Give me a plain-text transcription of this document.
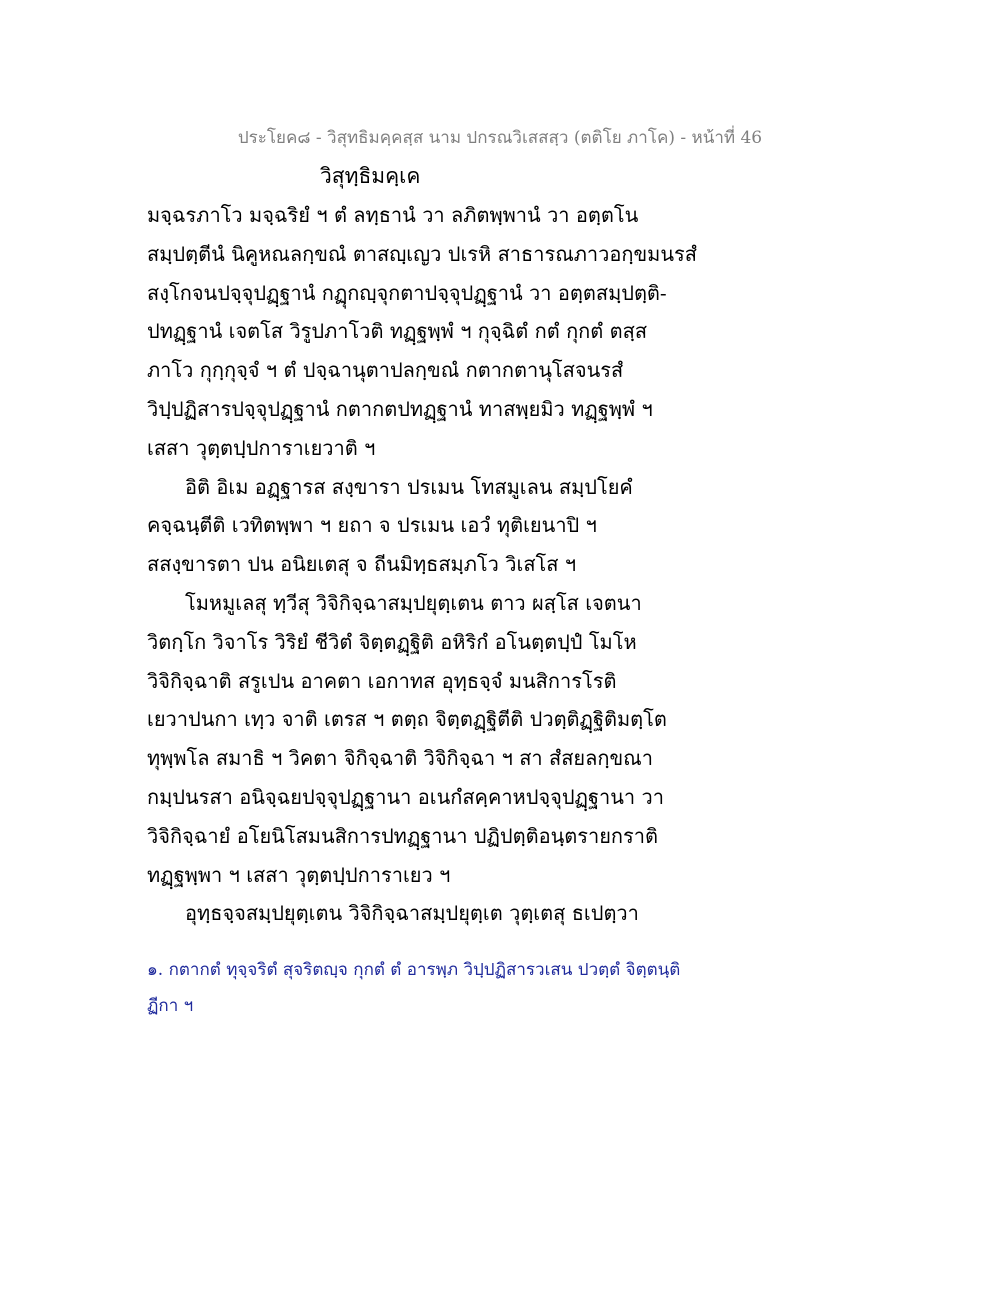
ประโยค๘ - วิสุทธิมคฺคสฺส นาม ปกรณวิเสสสฺว (ตติโย ภาโค) - หน้าที่ 46
วิสุทฺธิมคฺเค
มจฺฉรภาโว มจฺฉริยํ ฯ ตํ ลทฺธานํ วา ลภิตพฺพานํ วา อตฺตโน
สมฺปตฺตีนํ นิคูหณลกฺขณํ ตาสญฺเญว ปเรหิ สาธารณภาวอกฺขมนรสํ
สงฺโกจนปจฺจุปฏฺฐานํ กฏุกญฺจุกตาปจฺจุปฏฺฐานํ วา อตฺตสมฺปตฺติ-
ปทฏฺฐานํ เจตโส วิรูปภาโวติ ทฏฺฐพฺพํ ฯ กุจฺฉิตํ กตํ กุกตํ ตสฺส
ภาโว กุกฺกุจฺจํ ฯ ตํ ปจฺฉานุตาปลกฺขณํ กตากตานุโสจนรสํ
วิปฺปฏิสารปจฺจุปฏฺฐานํ กตากตปทฏฺฐานํ ทาสพฺยมิว ทฏฺฐพฺพํ ฯ
เสสา วุตฺตปฺปการาเยวาติ ฯ
อิติ อิเม อฏฺฐารส สงฺขารา ปรเมน โทสมูเลน สมฺปโยคํ
คจฺฉนฺตีติ เวทิตพฺพา ฯ ยถา จ ปรเมน เอวํ ทุติเยนาปิ ฯ
สสงฺขารตา ปน อนิยเตสุ จ ถีนมิทฺธสมฺภโว วิเสโส ฯ
โมหมูเลสุ ทฺวีสุ วิจิกิจฺฉาสมฺปยุตฺเตน ตาว ผสฺโส เจตนา
วิตกฺโก วิจาโร วิริยํ ชีวิตํ จิตฺตฏฺฐิติ อหิริกํ อโนตฺตปฺปํ โมโห
วิจิกิจฺฉาติ สรูเปน อาคตา เอกาทส อุทฺธจฺจํ มนสิการโรติ
เยวาปนกา เทฺว จาติ เตรส ฯ ตตฺถ จิตฺตฏฺฐิตีติ ปวตฺติฏฺฐิติมตฺโต
ทุพฺพโล สมาธิ ฯ วิคตา จิกิจฺฉาติ วิจิกิจฺฉา ฯ สา สํสยลกฺขณา
กมฺปนรสา อนิจฺฉยปจฺจุปฏฺฐานา อเนกํสคฺคาหปจฺจุปฏฺฐานา วา
วิจิกิจฺฉายํ อโยนิโสมนสิการปทฏฺฐานา ปฏิปตฺติอนฺตรายกราติ
ทฏฺฐพฺพา ฯ เสสา วุตฺตปฺปการาเยว ฯ
อุทฺธจฺจสมฺปยุตฺเตน วิจิกิจฺฉาสมฺปยุตฺเต วุตฺเตสุ ธเปตฺวา
๑. กตากตํ ทุจฺจริตํ สุจริตญฺจ กุกตํ ตํ อารพฺภ วิปฺปฏิสารวเสน ปวตฺตํ จิตฺตนฺติ
ฏีกา ฯ
